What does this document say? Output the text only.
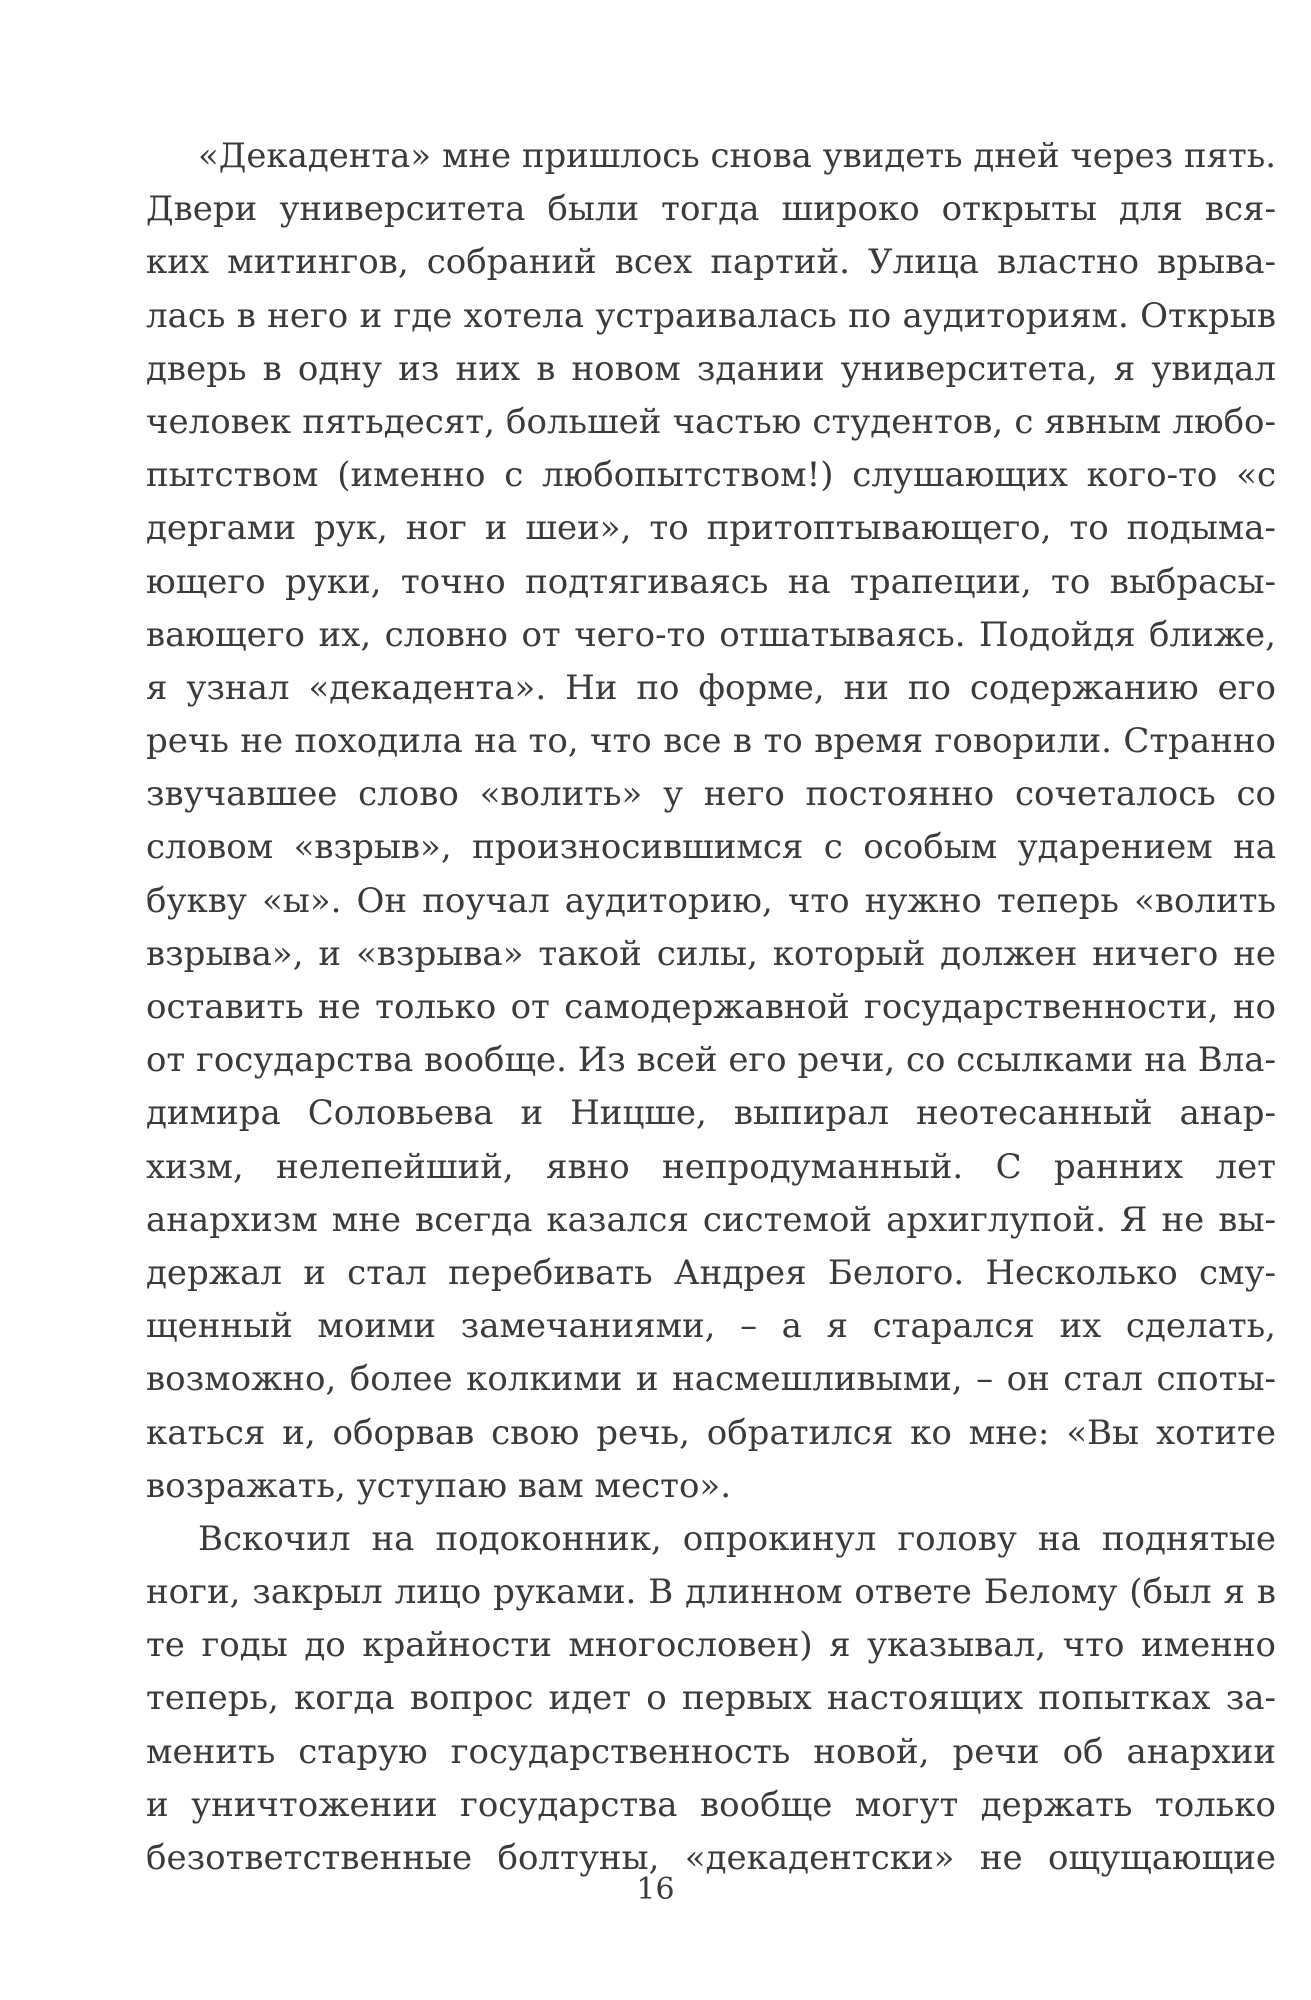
«Декадента» мне пришлось снова увидеть дней через пять.
Двери университета были тогда широко открыты для вся-
ких митингов, собраний всех партий. Улица властно врыва-
лась в него и где хотела устраивалась по аудиториям. Открыв
дверь в одну из них в новом здании университета, я увидал
человек пятьдесят, большей частью студентов, с явным любо-
пытством (именно с любопытством!) слушающих кого-то «с
дергами рук, ног и шеи», то притоптывающего, то подыма-
ющего руки, точно подтягиваясь на трапеции, то выбрасы-
вающего их, словно от чего-то отшатываясь. Подойдя ближе,
я узнал «декадента». Ни по форме, ни по содержанию его
речь не походила на то, что все в то время говорили. Странно
звучавшее слово «волить» у него постоянно сочеталось со
словом «взрыв», произносившимся с особым ударением на
букву «ы». Он поучал аудиторию, что нужно теперь «волить
взрыва», и «взрыва» такой силы, который должен ничего не
оставить не только от самодержавной государственности, но
от государства вообще. Из всей его речи, со ссылками на Вла-
димира Соловьева и Ницше, выпирал неотесанный анар-
хизм, нелепейший, явно непродуманный. С ранних лет
анархизм мне всегда казался системой архиглупой. Я не вы-
держал и стал перебивать Андрея Белого. Несколько сму-
щенный моими замечаниями, – а я старался их сделать,
возможно, более колкими и насмешливыми, – он стал споты-
каться и, оборвав свою речь, обратился ко мне: «Вы хотите
возражать, уступаю вам место».
Вскочил на подоконник, опрокинул голову на поднятые
ноги, закрыл лицо руками. В длинном ответе Белому (был я в
те годы до крайности многословен) я указывал, что именно
теперь, когда вопрос идет о первых настоящих попытках за-
менить старую государственность новой, речи об анархии
и уничтожении государства вообще могут держать только
безответственные болтуны, «декадентски» не ощущающие
16
